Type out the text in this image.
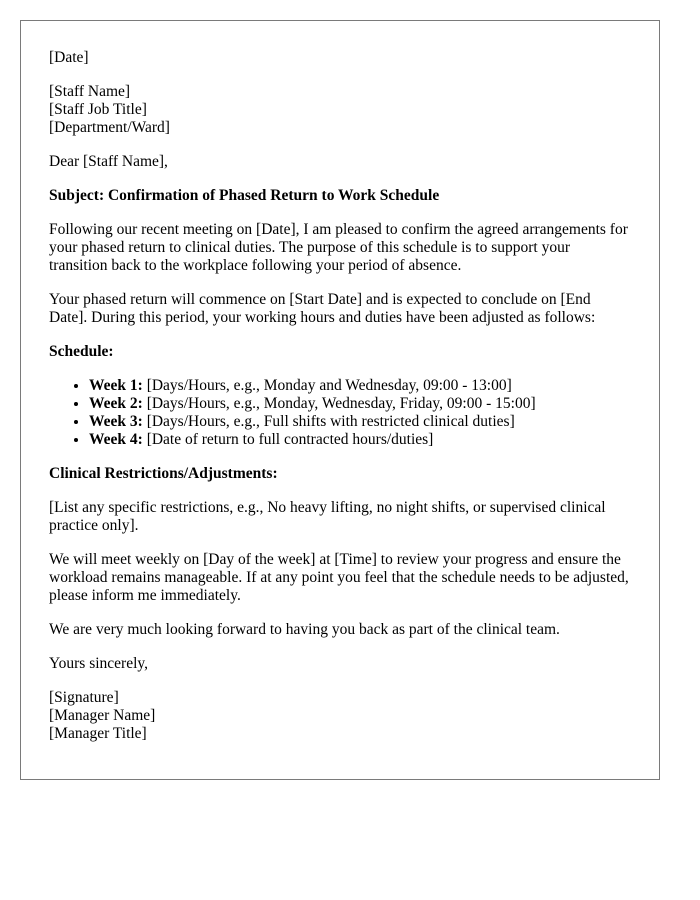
[Date]

[Staff Name]
[Staff Job Title]
[Department/Ward]

Dear [Staff Name],

Subject: Confirmation of Phased Return to Work Schedule

Following our recent meeting on [Date], I am pleased to confirm the agreed arrangements for your phased return to clinical duties. The purpose of this schedule is to support your transition back to the workplace following your period of absence.

Your phased return will commence on [Start Date] and is expected to conclude on [End Date]. During this period, your working hours and duties have been adjusted as follows:

Schedule:

• Week 1: [Days/Hours, e.g., Monday and Wednesday, 09:00 - 13:00]
• Week 2: [Days/Hours, e.g., Monday, Wednesday, Friday, 09:00 - 15:00]
• Week 3: [Days/Hours, e.g., Full shifts with restricted clinical duties]
• Week 4: [Date of return to full contracted hours/duties]

Clinical Restrictions/Adjustments:

[List any specific restrictions, e.g., No heavy lifting, no night shifts, or supervised clinical practice only].

We will meet weekly on [Day of the week] at [Time] to review your progress and ensure the workload remains manageable. If at any point you feel that the schedule needs to be adjusted, please inform me immediately.

We are very much looking forward to having you back as part of the clinical team.

Yours sincerely,

[Signature]
[Manager Name]
[Manager Title]
